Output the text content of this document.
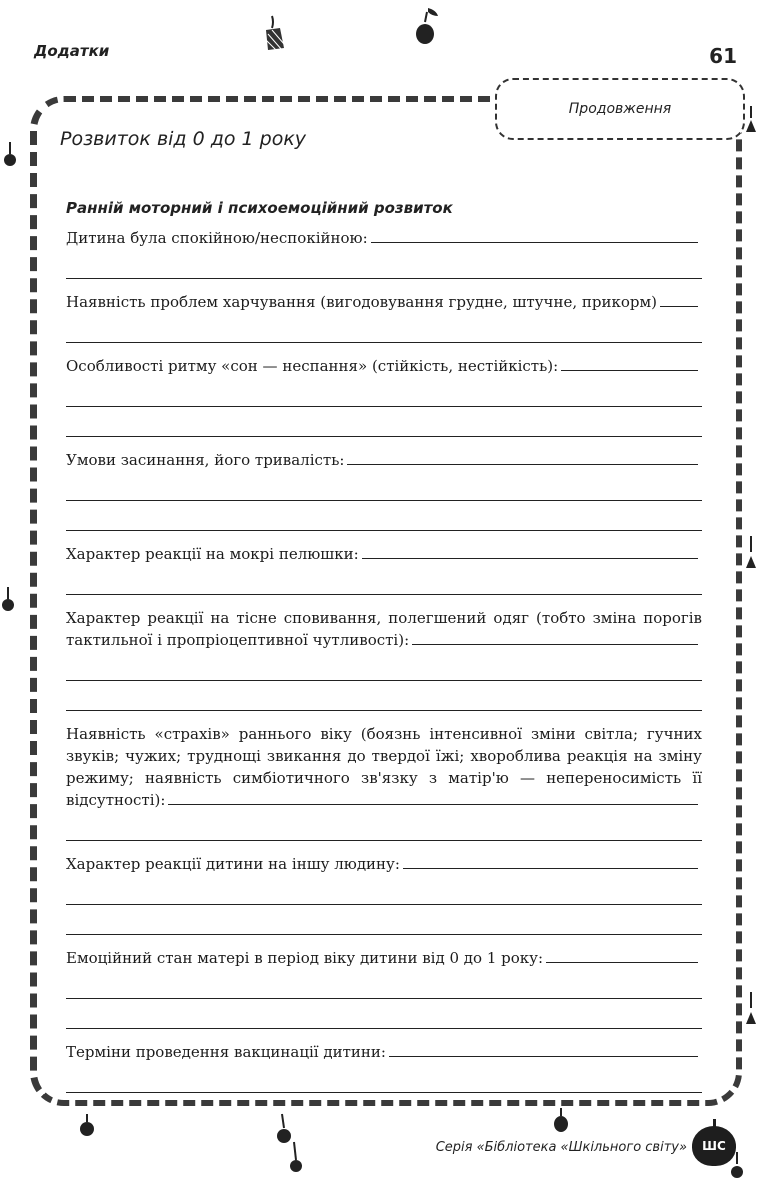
Додатки	61
Продовження
Розвиток від 0 до 1 року
Ранній моторний і психоемоційний розвиток
Дитина була спокійною/неспокійною:
Наявність проблем харчування (вигодовування грудне, штучне, прикорм)
Особливості ритму «сон — неспання» (стійкість, нестійкість):
Умови засинання, його тривалість:
Характер реакції на мокрі пелюшки:
Характер реакції на тісне сповивання, полегшений одяг (тобто зміна порогів тактильної і пропріоцептивної чутливості):
Наявність «страхів» раннього віку (боязнь інтенсивної зміни світла; гучних звуків; чужих; труднощі звикання до твердої їжі; хвороблива реакція на зміну режиму; наявність симбіотичного зв'язку з матір'ю — непереносимість її відсутності):
Характер реакції дитини на іншу людину:
Емоційний стан матері в період віку дитини від 0 до 1 року:
Терміни проведення вакцинації дитини:
Серія «Бібліотека «Шкільного світу»	ШС
